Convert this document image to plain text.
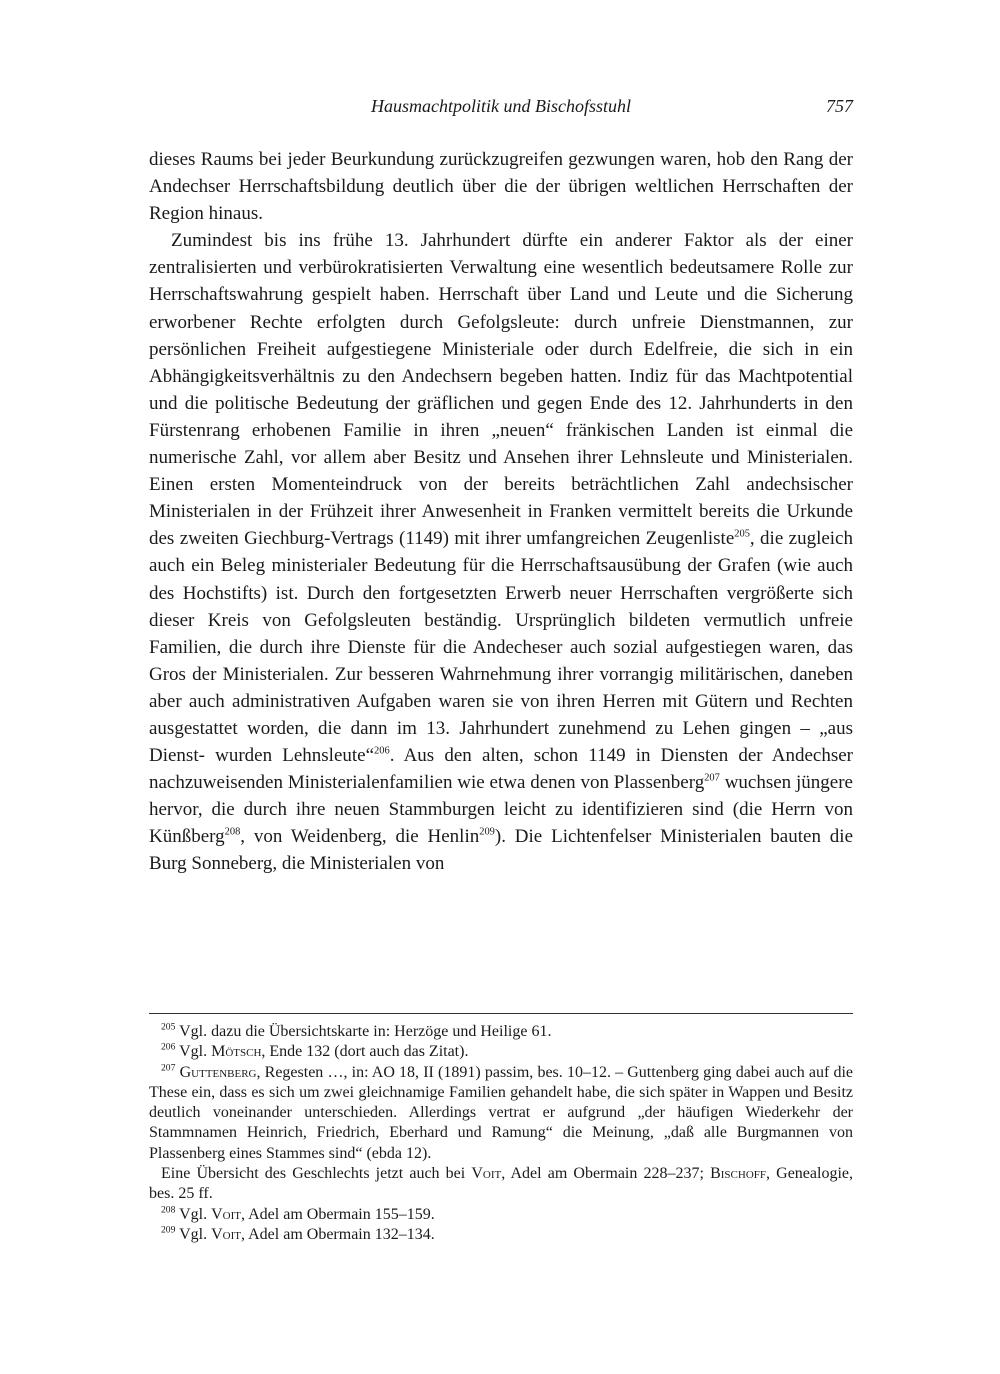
Hausmachtpolitik und Bischofsstuhl	757

dieses Raums bei jeder Beurkundung zurückzugreifen gezwungen waren, hob den Rang der Andechser Herrschaftsbildung deutlich über die der übrigen weltlichen Herrschaften der Region hinaus.

Zumindest bis ins frühe 13. Jahrhundert dürfte ein anderer Faktor als der einer zentralisierten und verbürokratisierten Verwaltung eine wesentlich bedeutsamere Rolle zur Herrschaftswahrung gespielt haben. Herrschaft über Land und Leute und die Sicherung erworbener Rechte erfolgten durch Gefolgsleute: durch unfreie Dienstmannen, zur persönlichen Freiheit aufgestiegene Ministeriale oder durch Edelfreie, die sich in ein Abhängigkeitsverhältnis zu den Andechsern begeben hatten. Indiz für das Machtpotential und die politische Bedeutung der gräflichen und gegen Ende des 12. Jahrhunderts in den Fürstenrang erhobenen Familie in ihren „neuen“ fränkischen Landen ist einmal die numerische Zahl, vor allem aber Besitz und Ansehen ihrer Lehnsleute und Ministerialen. Einen ersten Momenteindruck von der bereits beträchtlichen Zahl andechsischer Ministerialen in der Frühzeit ihrer Anwesenheit in Franken vermittelt bereits die Urkunde des zweiten Giechburg-Vertrags (1149) mit ihrer umfangreichen Zeugenliste$^{205}$, die zugleich auch ein Beleg ministerialer Bedeutung für die Herrschaftsausübung der Grafen (wie auch des Hochstifts) ist. Durch den fortgesetzten Erwerb neuer Herrschaften vergrößerte sich dieser Kreis von Gefolgsleuten beständig. Ursprünglich bildeten vermutlich unfreie Familien, die durch ihre Dienste für die Andecheser auch sozial aufgestiegen waren, das Gros der Ministerialen. Zur besseren Wahrnehmung ihrer vorrangig militärischen, daneben aber auch administrativen Aufgaben waren sie von ihren Herren mit Gütern und Rechten ausgestattet worden, die dann im 13. Jahrhundert zunehmend zu Lehen gingen – „aus Dienst- wurden Lehnsleute“$^{206}$. Aus den alten, schon 1149 in Diensten der Andechser nachzuweisenden Ministerialenfamilien wie etwa denen von Plassenberg$^{207}$ wuchsen jüngere hervor, die durch ihre neuen Stammburgen leicht zu identifizieren sind (die Herrn von Künßberg$^{208}$, von Weidenberg, die Henlin$^{209}$). Die Lichtenfelser Ministerialen bauten die Burg Sonneberg, die Ministerialen von

$^{205}$ Vgl. dazu die Übersichtskarte in: Herzöge und Heilige 61.

$^{206}$ Vgl. Mötsch, Ende 132 (dort auch das Zitat).

$^{207}$ Guttenberg, Regesten …, in: AO 18, II (1891) passim, bes. 10–12. – Guttenberg ging dabei auch auf die These ein, dass es sich um zwei gleichnamige Familien gehandelt habe, die sich später in Wappen und Besitz deutlich voneinander unterschieden. Allerdings vertrat er aufgrund „der häufigen Wiederkehr der Stammnamen Heinrich, Friedrich, Eberhard und Ramung“ die Meinung, „daß alle Burgmannen von Plassenberg eines Stammes sind“ (ebda 12).

Eine Übersicht des Geschlechts jetzt auch bei Voit, Adel am Obermain 228–237; Bischoff, Genealogie, bes. 25 ff.

$^{208}$ Vgl. Voit, Adel am Obermain 155–159.

$^{209}$ Vgl. Voit, Adel am Obermain 132–134.
